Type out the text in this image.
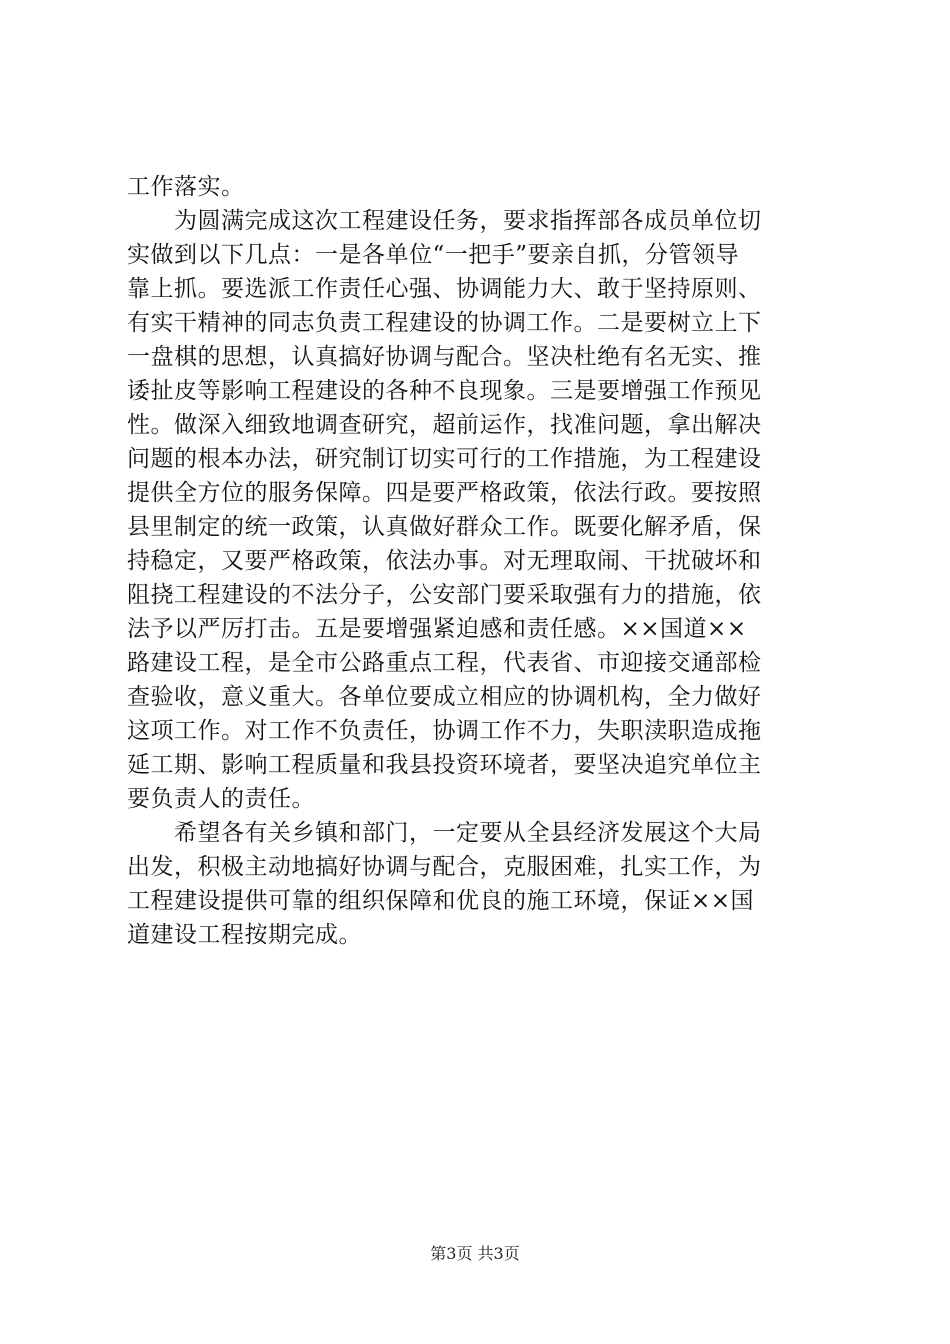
工作落实。
　　为圆满完成这次工程建设任务，要求指挥部各成员单位切
实做到以下几点：一是各单位“一把手”要亲自抓，分管领导
靠上抓。要选派工作责任心强、协调能力大、敢于坚持原则、
有实干精神的同志负责工程建设的协调工作。二是要树立上下
一盘棋的思想，认真搞好协调与配合。坚决杜绝有名无实、推
诿扯皮等影响工程建设的各种不良现象。三是要增强工作预见
性。做深入细致地调查研究，超前运作，找准问题，拿出解决
问题的根本办法，研究制订切实可行的工作措施，为工程建设
提供全方位的服务保障。四是要严格政策，依法行政。要按照
县里制定的统一政策，认真做好群众工作。既要化解矛盾，保
持稳定，又要严格政策，依法办事。对无理取闹、干扰破坏和
阻挠工程建设的不法分子，公安部门要采取强有力的措施，依
法予以严厉打击。五是要增强紧迫感和责任感。××国道××
路建设工程，是全市公路重点工程，代表省、市迎接交通部检
查验收，意义重大。各单位要成立相应的协调机构，全力做好
这项工作。对工作不负责任，协调工作不力，失职渎职造成拖
延工期、影响工程质量和我县投资环境者，要坚决追究单位主
要负责人的责任。
　　希望各有关乡镇和部门，一定要从全县经济发展这个大局
出发，积极主动地搞好协调与配合，克服困难，扎实工作，为
工程建设提供可靠的组织保障和优良的施工环境，保证××国
道建设工程按期完成。
第3页 共3页
